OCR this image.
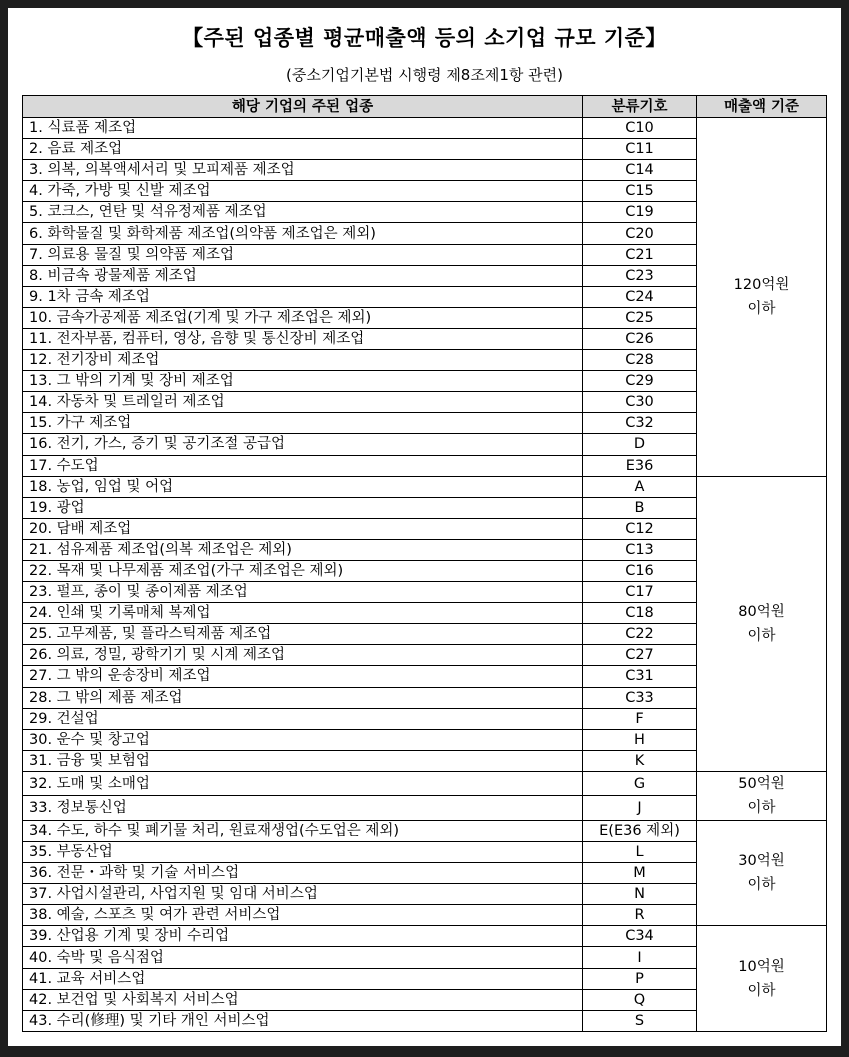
【주된 업종별 평균매출액 등의 소기업 규모 기준】
(중소기업기본법 시행령 제8조제1항 관련)
해당 기업의 주된 업종	분류기호	매출액 기준
1. 식료품 제조업	C10	120억원
이하

2. 음료 제조업	C11	
3. 의복, 의복액세서리 및 모피제품 제조업	C14	
4. 가죽, 가방 및 신발 제조업	C15	
5. 코크스, 연탄 및 석유정제품 제조업	C19	
6. 화학물질 및 화학제품 제조업(의약품 제조업은 제외)	C20	
7. 의료용 물질 및 의약품 제조업	C21	
8. 비금속 광물제품 제조업	C23	
9. 1차 금속 제조업	C24	
10. 금속가공제품 제조업(기계 및 가구 제조업은 제외)	C25	
11. 전자부품, 컴퓨터, 영상, 음향 및 통신장비 제조업	C26	
12. 전기장비 제조업	C28	
13. 그 밖의 기계 및 장비 제조업	C29	
14. 자동차 및 트레일러 제조업	C30	
15. 가구 제조업	C32	
16. 전기, 가스, 증기 및 공기조절 공급업	D	
17. 수도업	E36	
18. 농업, 임업 및 어업	A	80억원
이하

19. 광업	B	
20. 담배 제조업	C12	
21. 섬유제품 제조업(의복 제조업은 제외)	C13	
22. 목재 및 나무제품 제조업(가구 제조업은 제외)	C16	
23. 펄프, 종이 및 종이제품 제조업	C17	
24. 인쇄 및 기록매체 복제업	C18	
25. 고무제품, 및 플라스틱제품 제조업	C22	
26. 의료, 정밀, 광학기기 및 시계 제조업	C27	
27. 그 밖의 운송장비 제조업	C31	
28. 그 밖의 제품 제조업	C33	
29. 건설업	F	
30. 운수 및 창고업	H	
31. 금융 및 보험업	K	
32. 도매 및 소매업	G	50억원
이하

33. 정보통신업	J	
34. 수도, 하수 및 폐기물 처리, 원료재생업(수도업은 제외)	E(E36 제외)	30억원
이하

35. 부동산업	L	
36. 전문・과학 및 기술 서비스업	M	
37. 사업시설관리, 사업지원 및 임대 서비스업	N	
38. 예술, 스포츠 및 여가 관련 서비스업	R	
39. 산업용 기계 및 장비 수리업	C34	10억원
이하

40. 숙박 및 음식점업	I	
41. 교육 서비스업	P	
42. 보건업 및 사회복지 서비스업	Q	
43. 수리(修理) 및 기타 개인 서비스업	S	
